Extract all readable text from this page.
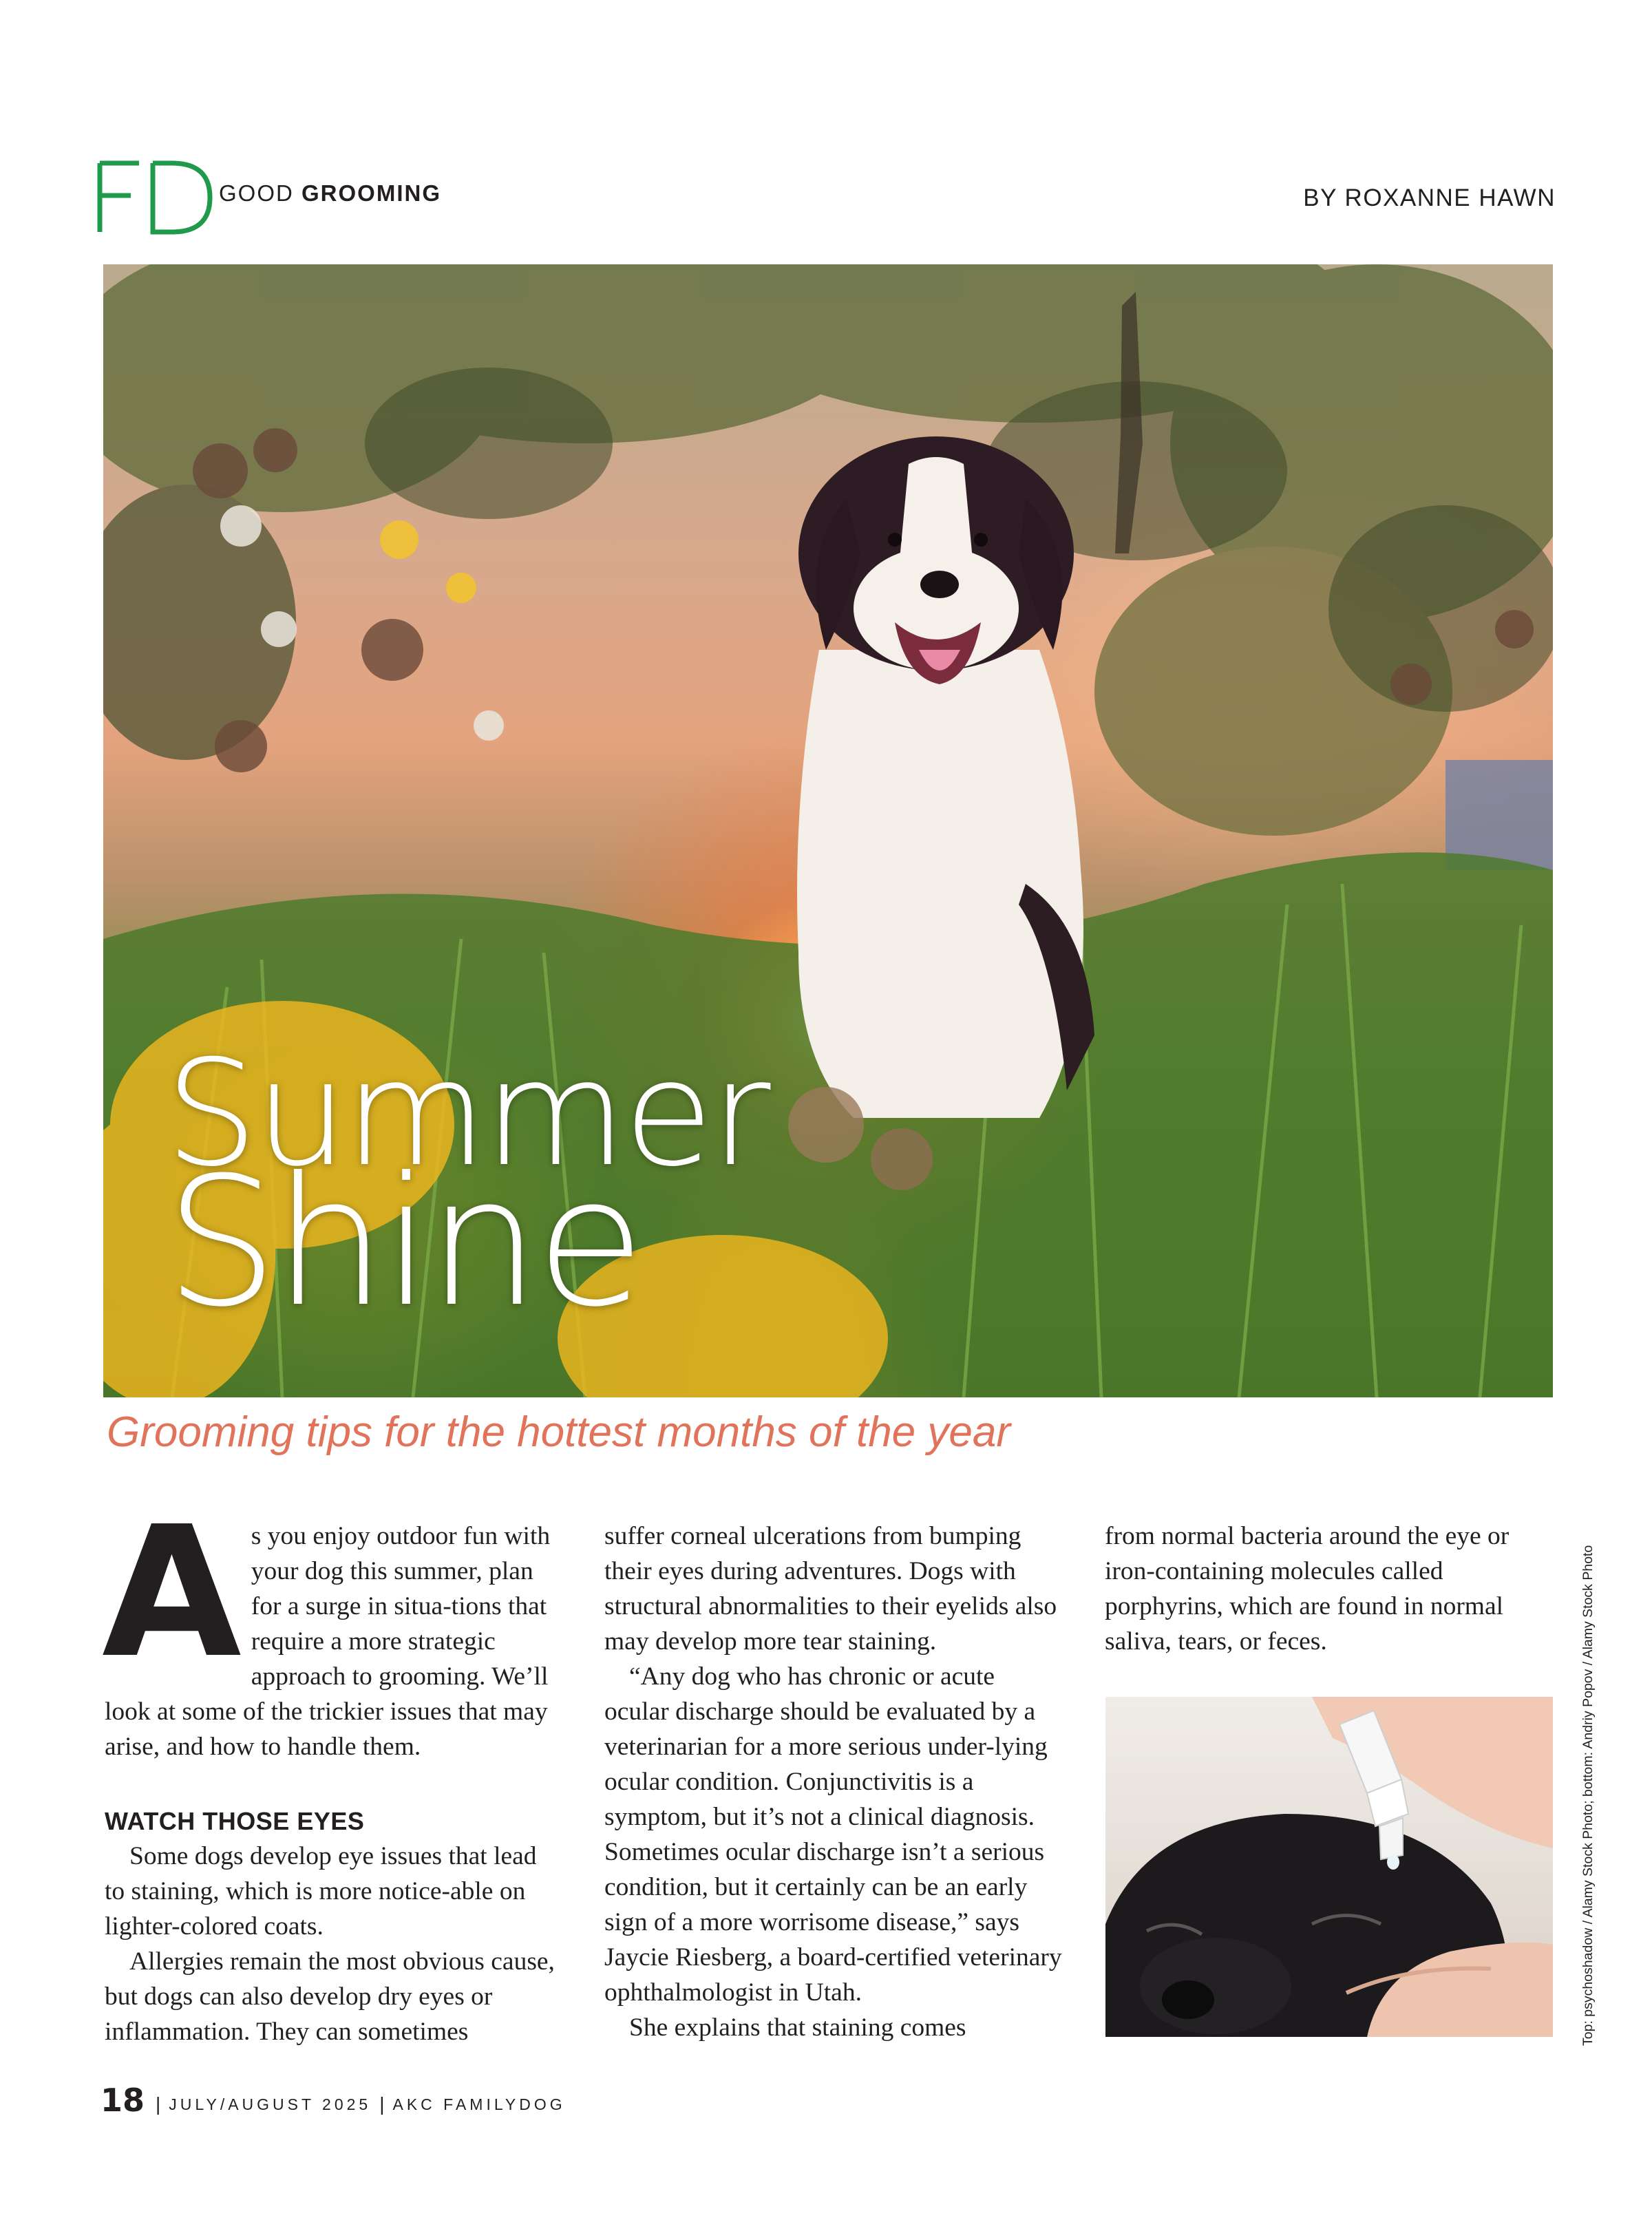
GOOD GROOMING	BY ROXANNE HAWN
Summer
Shine
Grooming tips for the hottest months of the year

A s you enjoy outdoor fun with your dog this summer, plan for a surge in situa-tions that require a more strategic approach to grooming. We’ll look at some of the trickier issues that may arise, and how to handle them.

WATCH THOSE EYES

Some dogs develop eye issues that lead to staining, which is more notice-able on lighter-colored coats.

Allergies remain the most obvious cause, but dogs can also develop dry eyes or inflammation. They can sometimes

suffer corneal ulcerations from bumping their eyes during adventures. Dogs with structural abnormalities to their eyelids also may develop more tear staining.

“Any dog who has chronic or acute ocular discharge should be evaluated by a veterinarian for a more serious under-lying ocular condition. Conjunctivitis is a symptom, but it’s not a clinical diagnosis. Sometimes ocular discharge isn’t a serious condition, but it certainly can be an early sign of a more worrisome disease,” says Jaycie Riesberg, a board-certified veterinary ophthalmologist in Utah.

She explains that staining comes

from normal bacteria around the eye or iron-containing molecules called porphyrins, which are found in normal saliva, tears, or feces.	Top: psychoshadow / Alamy Stock Photo; bottom: Andriy Popov / Alamy Stock Photo
18 | JULY/AUGUST 2025 | AKC FAMILYDOG
